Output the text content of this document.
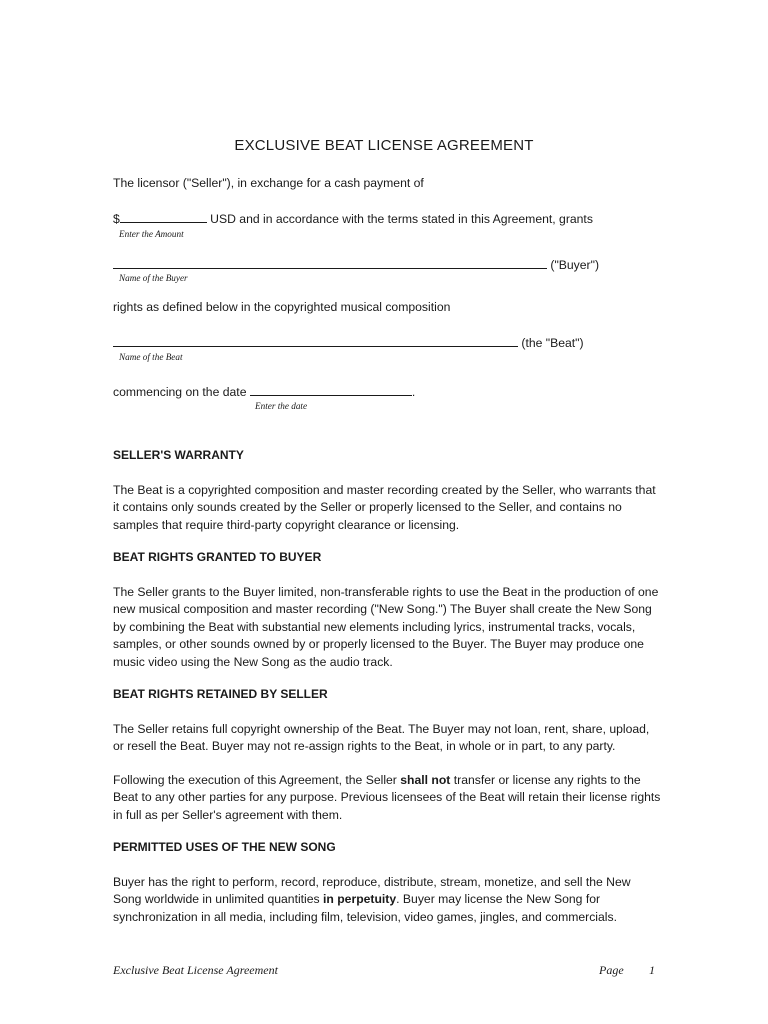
EXCLUSIVE BEAT LICENSE AGREEMENT
The licensor ("Seller"), in exchange for a cash payment of
$	USD and in accordance with the terms stated in this Agreement, grants
Enter the Amount
("Buyer")
Name of the Buyer
rights as defined below in the copyrighted musical composition
(the "Beat")
Name of the Beat
commencing on the date	.
Enter the date
SELLER'S WARRANTY
The Beat is a copyrighted composition and master recording created by the Seller, who warrants that it contains only sounds created by the Seller or properly licensed to the Seller, and contains no samples that require third-party copyright clearance or licensing.
BEAT RIGHTS GRANTED TO BUYER
The Seller grants to the Buyer limited, non-transferable rights to use the Beat in the production of one new musical composition and master recording ("New Song.") The Buyer shall create the New Song by combining the Beat with substantial new elements including lyrics, instrumental tracks, vocals, samples, or other sounds owned by or properly licensed to the Buyer. The Buyer may produce one music video using the New Song as the audio track.
BEAT RIGHTS RETAINED BY SELLER
The Seller retains full copyright ownership of the Beat. The Buyer may not loan, rent, share, upload, or resell the Beat. Buyer may not re-assign rights to the Beat, in whole or in part, to any party.
Following the execution of this Agreement, the Seller shall not transfer or license any rights to the Beat to any other parties for any purpose. Previous licensees of the Beat will retain their license rights in full as per Seller's agreement with them.
PERMITTED USES OF THE NEW SONG
Buyer has the right to perform, record, reproduce, distribute, stream, monetize, and sell the New Song worldwide in unlimited quantities in perpetuity. Buyer may license the New Song for synchronization in all media, including film, television, video games, jingles, and commercials.
Exclusive Beat License Agreement	Page 1
